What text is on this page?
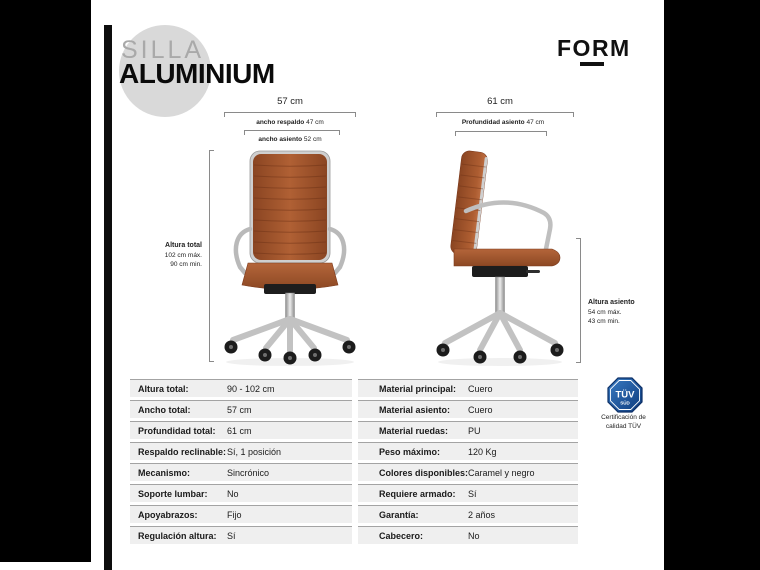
SILLA
ALUMINIUM
FORM
57 cm
ancho respaldo 47 cm
ancho asiento 52 cm
61 cm
Profundidad asiento 47 cm
Altura total
102 cm máx.
90 cm min.
Altura asiento
54 cm máx.
43 cm min.
TÜV
SÜD
Certificación de
calidad TÜV
Altura total:	90 - 102 cm
Ancho total:	57 cm
Profundidad total: 61 cm
Respaldo reclinable: Sí, 1 posición
Mecanismo:	Sincrónico
Soporte lumbar: No
Apoyabrazos:	Fijo
Regulación altura: Sí
Material principal: Cuero
Material asiento: Cuero
Material ruedas: PU
Peso máximo:	120 Kg
Colores disponibles: Caramel y negro
Requiere armado: Sí
Garantía:	2 años
Cabecero:	No
